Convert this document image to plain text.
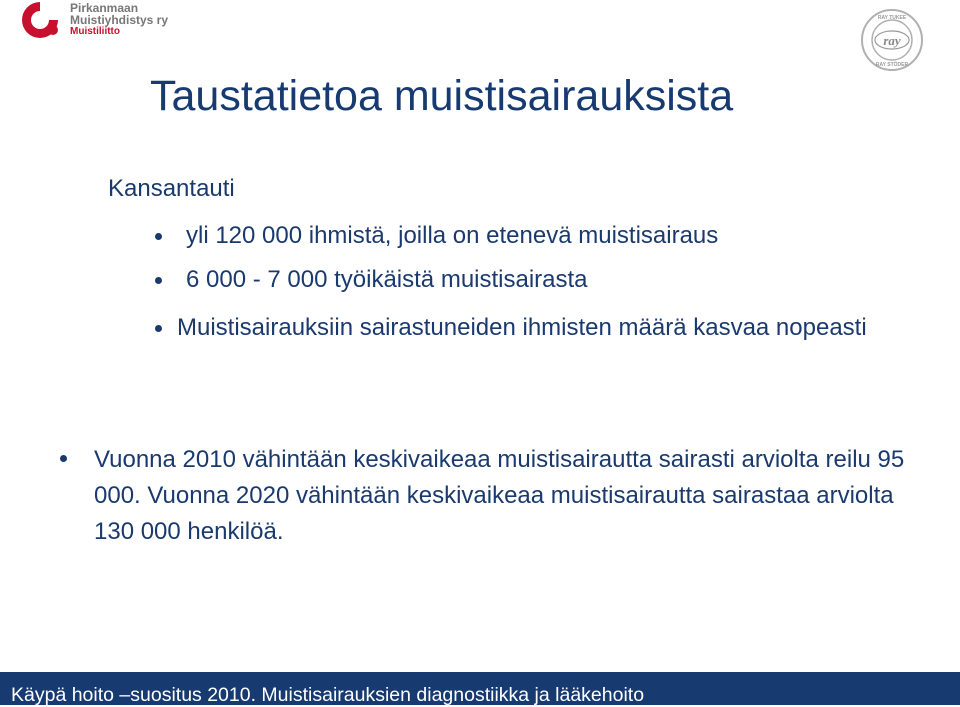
Pirkanmaan
Muistiyhdistys ry
Muistiliitto
ray
RAY TUKEE
RAY STÖDER
Taustatietoa muistisairauksista
Kansantauti
yli 120 000 ihmistä, joilla on etenevä muistisairaus
6 000 - 7 000 työikäistä muistisairasta
Muistisairauksiin sairastuneiden ihmisten määrä kasvaa nopeasti
Vuonna 2010 vähintään keskivaikeaa muistisairautta sairasti arviolta reilu 95 000. Vuonna 2020 vähintään keskivaikeaa muistisairautta sairastaa arviolta 130 000 henkilöä.
Käypä hoito –suositus 2010. Muistisairauksien diagnostiikka ja lääkehoito
